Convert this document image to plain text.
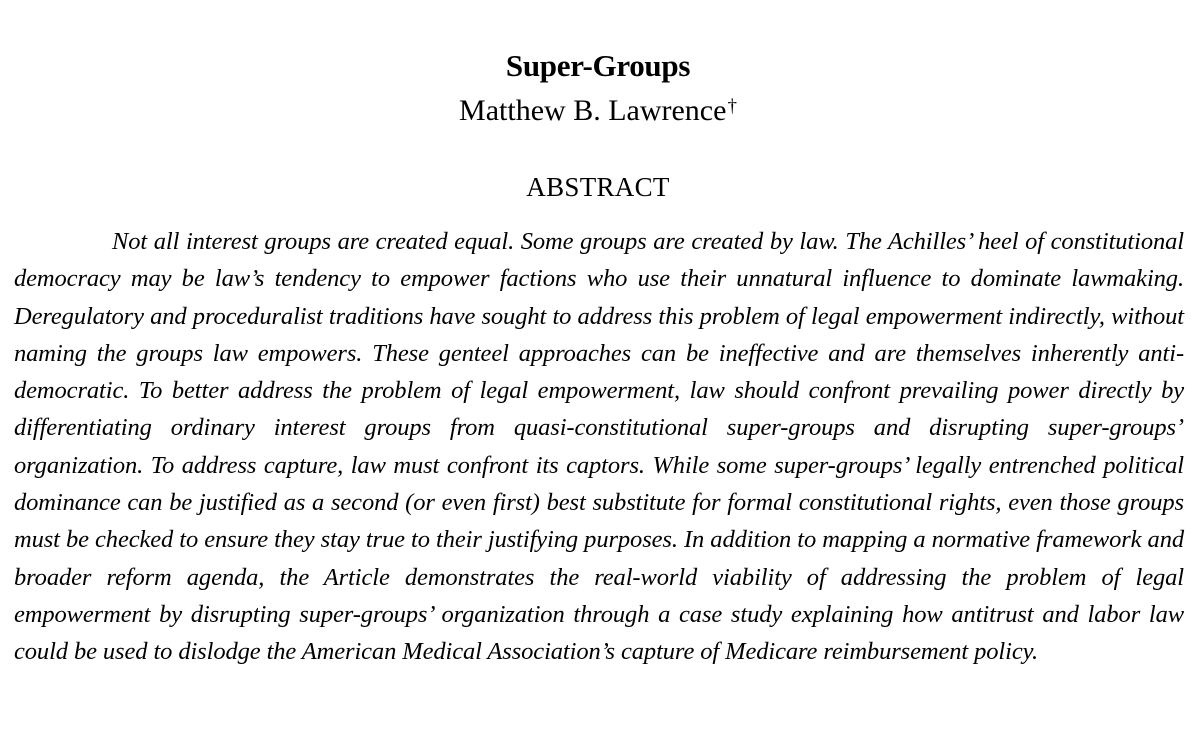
Super-Groups
Matthew B. Lawrence†
ABSTRACT

Not all interest groups are created equal. Some groups are created by law. The Achilles’ heel of constitutional democracy may be law’s tendency to empower factions who use their unnatural influence to dominate lawmaking. Deregulatory and proceduralist traditions have sought to address this problem of legal empowerment indirectly, without naming the groups law empowers. These genteel approaches can be ineffective and are themselves inherently anti-democratic. To better address the problem of legal empowerment, law should confront prevailing power directly by differentiating ordinary interest groups from quasi-constitutional super-groups and disrupting super-groups’ organization. To address capture, law must confront its captors. While some super-groups’ legally entrenched political dominance can be justified as a second (or even first) best substitute for formal constitutional rights, even those groups must be checked to ensure they stay true to their justifying purposes. In addition to mapping a normative framework and broader reform agenda, the Article demonstrates the real-world viability of addressing the problem of legal empowerment by disrupting super-groups’ organization through a case study explaining how antitrust and labor law could be used to dislodge the American Medical Association’s capture of Medicare reimbursement policy.
